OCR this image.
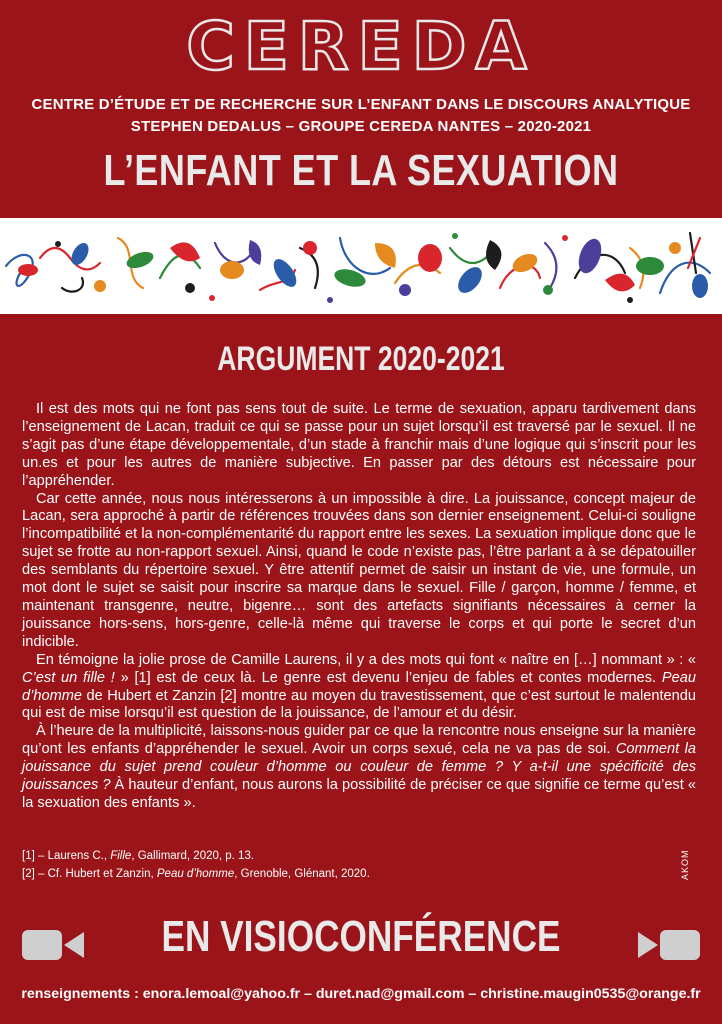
CEREDA
CENTRE D’ÉTUDE ET DE RECHERCHE SUR L’ENFANT DANS LE DISCOURS ANALYTIQUE
STEPHEN DEDALUS – GROUPE CEREDA NANTES – 2020-2021
L’ENFANT ET LA SEXUATION
ARGUMENT 2020-2021

Il est des mots qui ne font pas sens tout de suite. Le terme de sexuation, apparu tardivement dans l’enseignement de Lacan, traduit ce qui se passe pour un sujet lorsqu’il est traversé par le sexuel. Il ne s’agit pas d’une étape développementale, d’un stade à franchir mais d’une logique qui s’inscrit pour les un.es et pour les autres de manière subjective. En passer par des détours est nécessaire pour l’appréhender.

Car cette année, nous nous intéresserons à un impossible à dire. La jouissance, concept majeur de Lacan, sera approché à partir de références trouvées dans son dernier enseignement. Celui-ci souligne l’incompatibilité et la non-complémentarité du rapport entre les sexes. La sexuation implique donc que le sujet se frotte au non-rapport sexuel. Ainsi, quand le code n’existe pas, l’être parlant a à se dépatouiller des semblants du répertoire sexuel. Y être attentif permet de saisir un instant de vie, une formule, un mot dont le sujet se saisit pour inscrire sa marque dans le sexuel. Fille / garçon, homme / femme, et maintenant transgenre, neutre, bigenre… sont des artefacts signifiants nécessaires à cerner la jouissance hors-sens, hors-genre, celle-là même qui traverse le corps et qui porte le secret d’un indicible.

En témoigne la jolie prose de Camille Laurens, il y a des mots qui font « naître en […] nommant » : « C’est un fille ! » [1] est de ceux là. Le genre est devenu l’enjeu de fables et contes modernes. Peau d’homme de Hubert et Zanzin [2] montre au moyen du travestissement, que c’est surtout le malentendu qui est de mise lorsqu’il est question de la jouissance, de l’amour et du désir.

À l’heure de la multiplicité, laissons-nous guider par ce que la rencontre nous enseigne sur la manière qu’ont les enfants d’appréhender le sexuel. Avoir un corps sexué, cela ne va pas de soi. Comment la jouissance du sujet prend couleur d’homme ou couleur de femme ? Y a-t-il une spécificité des jouissances ? À hauteur d’enfant, nous aurons la possibilité de préciser ce que signifie ce terme qu’est « la sexuation des enfants ».

[1] – Laurens C., Fille, Gallimard, 2020, p. 13.
[2] – Cf. Hubert et Zanzin, Peau d’homme, Grenoble, Glénant, 2020.	AKOM
EN VISIOCONFÉRENCE
renseignements : enora.lemoal@yahoo.fr – duret.nad@gmail.com – christine.maugin0535@orange.fr
